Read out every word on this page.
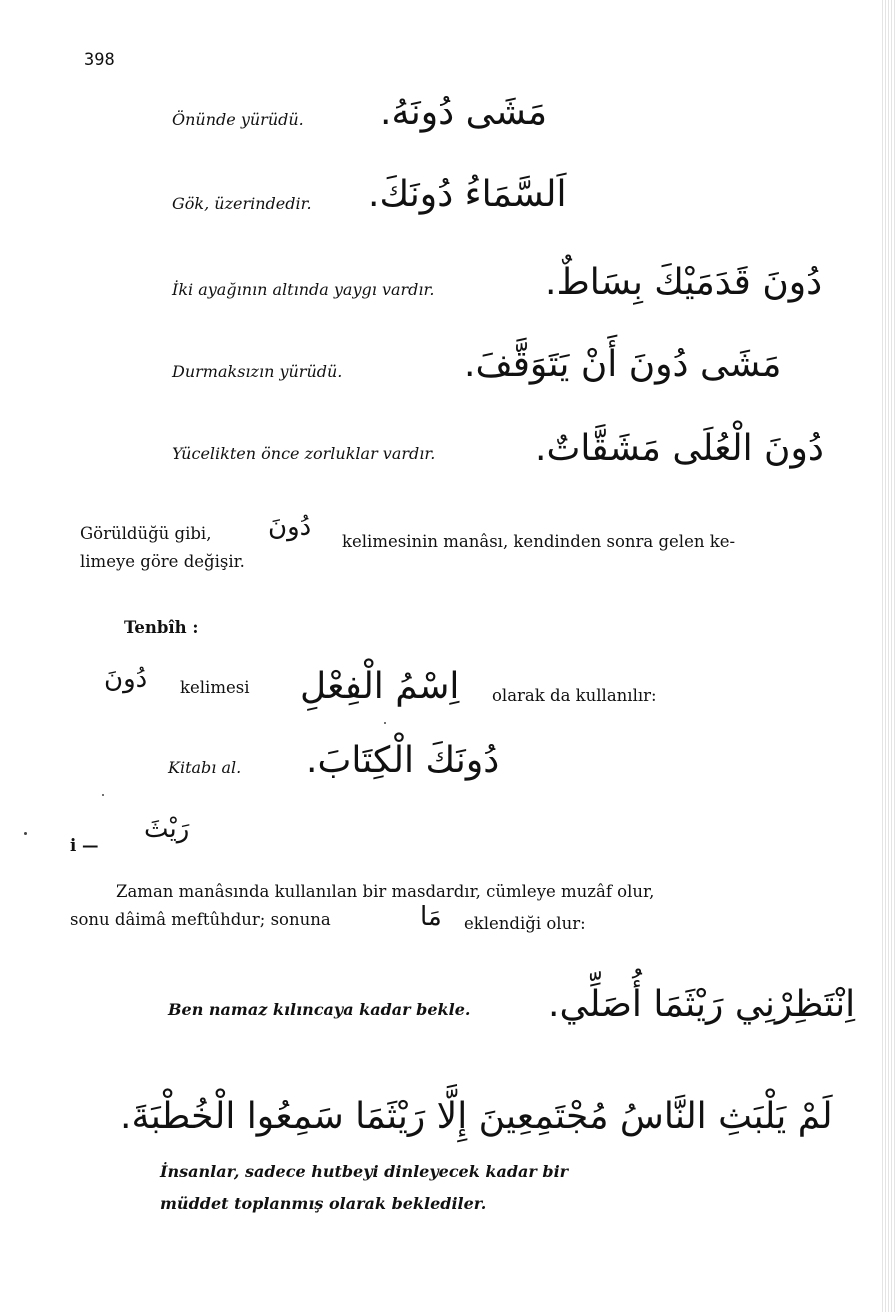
398
Önünde yürüdü. مَشَى دُونَهُ.
Gök, üzerindedir. اَلسَّمَاءُ دُونَكَ.
İki ayağının altında yaygı vardır.	دُونَ قَدَمَيْكَ بِسَاطٌ.
Durmaksızın yürüdü.	مَشَى دُونَ أَنْ يَتَوَقَّفَ.
Yücelikten önce zorluklar vardır.	دُونَ الْعُلَى مَشَقَّاتٌ.
Görüldüğü gibi, دُونَ kelimesinin manâsı, kendinden sonra gelen ke-
limeye göre değişir.
Tenbîh :
دُونَ kelimesi اِسْمُ الْفِعْلِ olarak da kullanılır:
Kitabı al. دُونَكَ الْكِتَابَ.
i —
رَيْثَ
Zaman manâsında kullanılan bir masdardır, cümleye muzâf olur,
sonu dâimâ meftûhdur; sonuna	مَا eklendiği olur:
Ben namaz kılıncaya kadar bekle. اِنْتَظِرْنِي رَيْثَمَا أُصَلِّي.
لَمْ يَلْبَثِ النَّاسُ مُجْتَمِعِينَ إِلَّا رَيْثَمَا سَمِعُوا الْخُطْبَةَ.
İnsanlar, sadece hutbeyi dinleyecek kadar bir
müddet toplanmış olarak bekledi‌ler.
